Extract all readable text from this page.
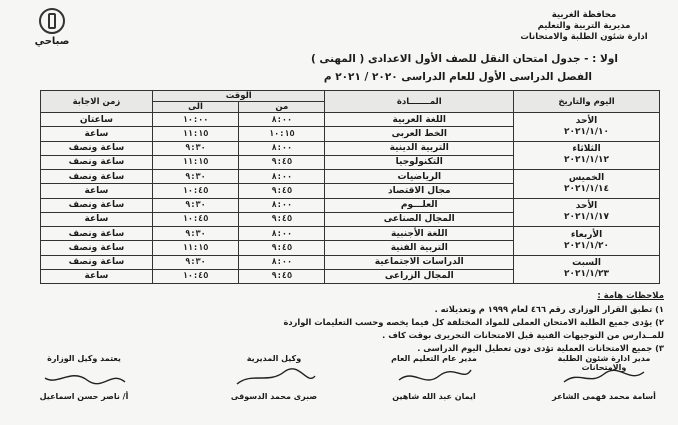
محافظة الغربية
مديرية التربية والتعليم
ادارة شئون الطلبة والامتحانات
صباحي
اولا : - جدول امتحان النقل للصف الأول الاعدادى ( المهنى )
الفصل الدراسى الأول للعام الدراسى ٢٠٢٠ / ٢٠٢١ م
اليوم والتاريخ	المـــــــادة	الوقت		زمن الاجابة
		من	الى	

الأحد
٢٠٢١/١/١٠	اللغة العربية	٨:٠٠	١٠:٠٠	ساعتان
	الخط العربى	١٠:١٥	١١:١٥	ساعة

الثلاثاء
٢٠٢١/١/١٢	التربية الدينية	٨:٠٠	٩:٣٠	ساعة ونصف
	التكنولوجيا	٩:٤٥	١١:١٥	ساعة ونصف

الخميس
٢٠٢١/١/١٤	الرياضيات	٨:٠٠	٩:٣٠	ساعة ونصف
	مجال الاقتصاد	٩:٤٥	١٠:٤٥	ساعة

الأحد
٢٠٢١/١/١٧	العلـــوم	٨:٠٠	٩:٣٠	ساعة ونصف
	المجال الصناعى	٩:٤٥	١٠:٤٥	ساعة

الأربعاء
٢٠٢١/١/٢٠	اللغة الأجنبية	٨:٠٠	٩:٣٠	ساعة ونصف
	التربية الفنية	٩:٤٥	١١:١٥	ساعة ونصف

السبت
٢٠٢١/١/٢٣	الدراسات الاجتماعية	٨:٠٠	٩:٣٠	ساعة ونصف
	المجال الزراعى	٩:٤٥	١٠:٤٥	ساعة
ملاحظات هامة :
١) تطبق القرار الوزارى رقم ٤٦٦ لعام ١٩٩٩ م وتعديلاته .
٢) يؤدى جميع الطلبة الامتحان العملى للمواد المختلفة كل فيما يخصه وحسب التعليمات الواردة
للمــدارس من التوجيهات الفنية قبل الامتحانات التحريرى بوقت كاف .
٣) جميع الامتحانات العملية تؤدى دون تعطيل اليوم الدراسى .
مدير ادارة شئون الطلبة والامتحانات
أسامة محمد فهمى الشاعر
مدير عام التعليم العام
ايمان عبد الله شاهين
وكيل المديرية
صبرى محمد الدسوقى
يعتمد وكيل الوزارة
أ/ ناصر حسن اسماعيل
